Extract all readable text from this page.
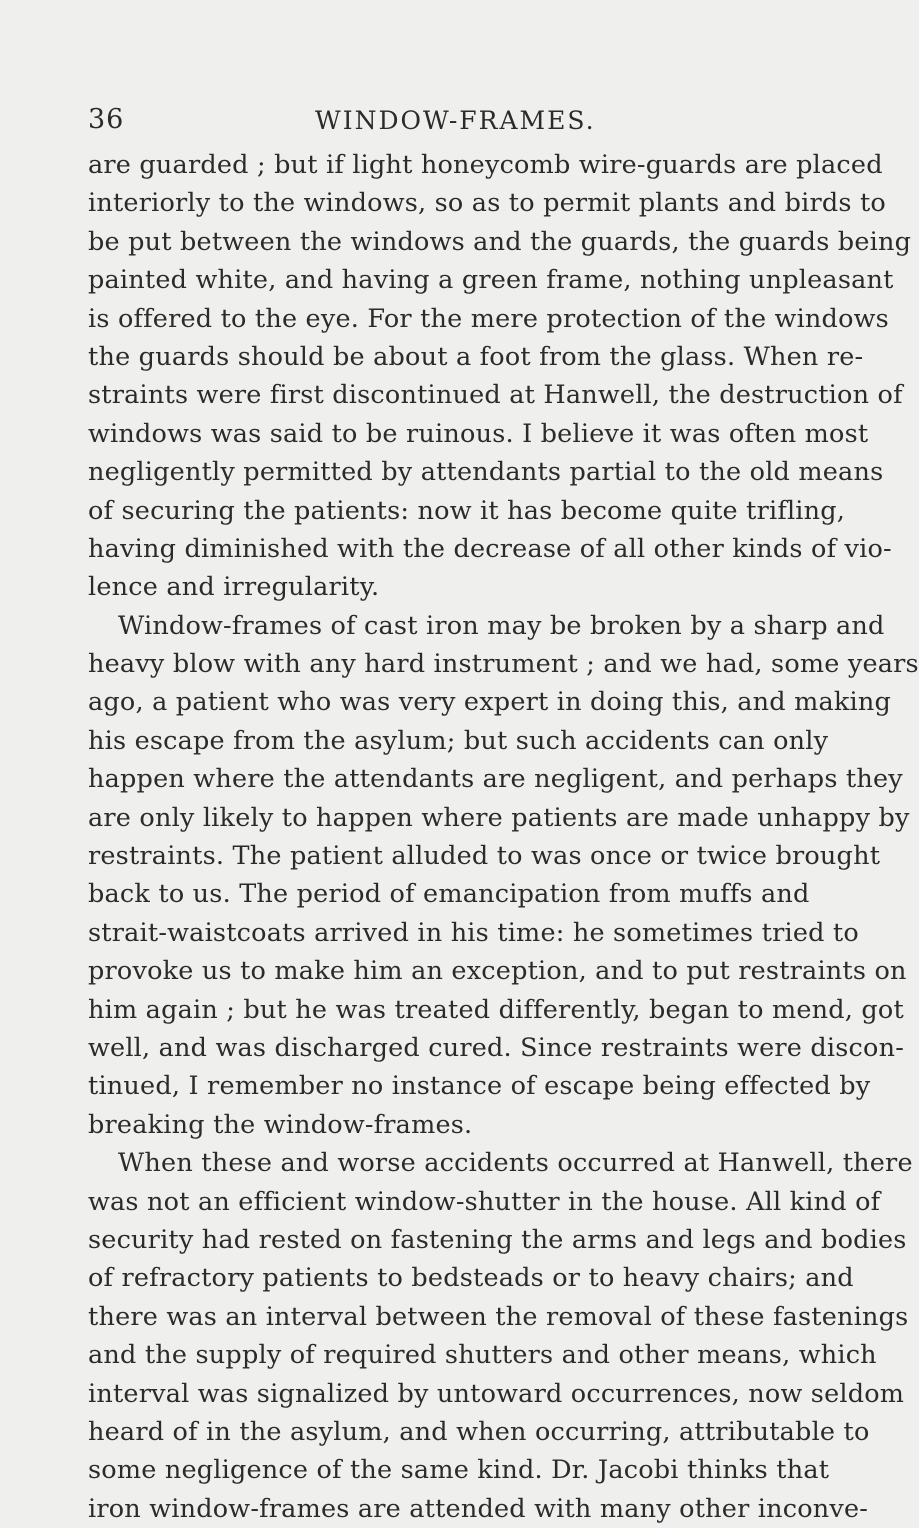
36	WINDOW-FRAMES.
are guarded ; but if light honeycomb wire-guards are placed
interiorly to the windows, so as to permit plants and birds to
be put between the windows and the guards, the guards being
painted white, and having a green frame, nothing unpleasant
is offered to the eye. For the mere protection of the windows
the guards should be about a foot from the glass. When re-
straints were first discontinued at Hanwell, the destruction of
windows was said to be ruinous. I believe it was often most
negligently permitted by attendants partial to the old means
of securing the patients: now it has become quite trifling,
having diminished with the decrease of all other kinds of vio-
lence and irregularity.
Window-frames of cast iron may be broken by a sharp and
heavy blow with any hard instrument ; and we had, some years
ago, a patient who was very expert in doing this, and making
his escape from the asylum; but such accidents can only
happen where the attendants are negligent, and perhaps they
are only likely to happen where patients are made unhappy by
restraints. The patient alluded to was once or twice brought
back to us. The period of emancipation from muffs and
strait-waistcoats arrived in his time: he sometimes tried to
provoke us to make him an exception, and to put restraints on
him again ; but he was treated differently, began to mend, got
well, and was discharged cured. Since restraints were discon-
tinued, I remember no instance of escape being effected by
breaking the window-frames.
When these and worse accidents occurred at Hanwell, there
was not an efficient window-shutter in the house. All kind of
security had rested on fastening the arms and legs and bodies
of refractory patients to bedsteads or to heavy chairs; and
there was an interval between the removal of these fastenings
and the supply of required shutters and other means, which
interval was signalized by untoward occurrences, now seldom
heard of in the asylum, and when occurring, attributable to
some negligence of the same kind. Dr. Jacobi thinks that
iron window-frames are attended with many other inconve-
